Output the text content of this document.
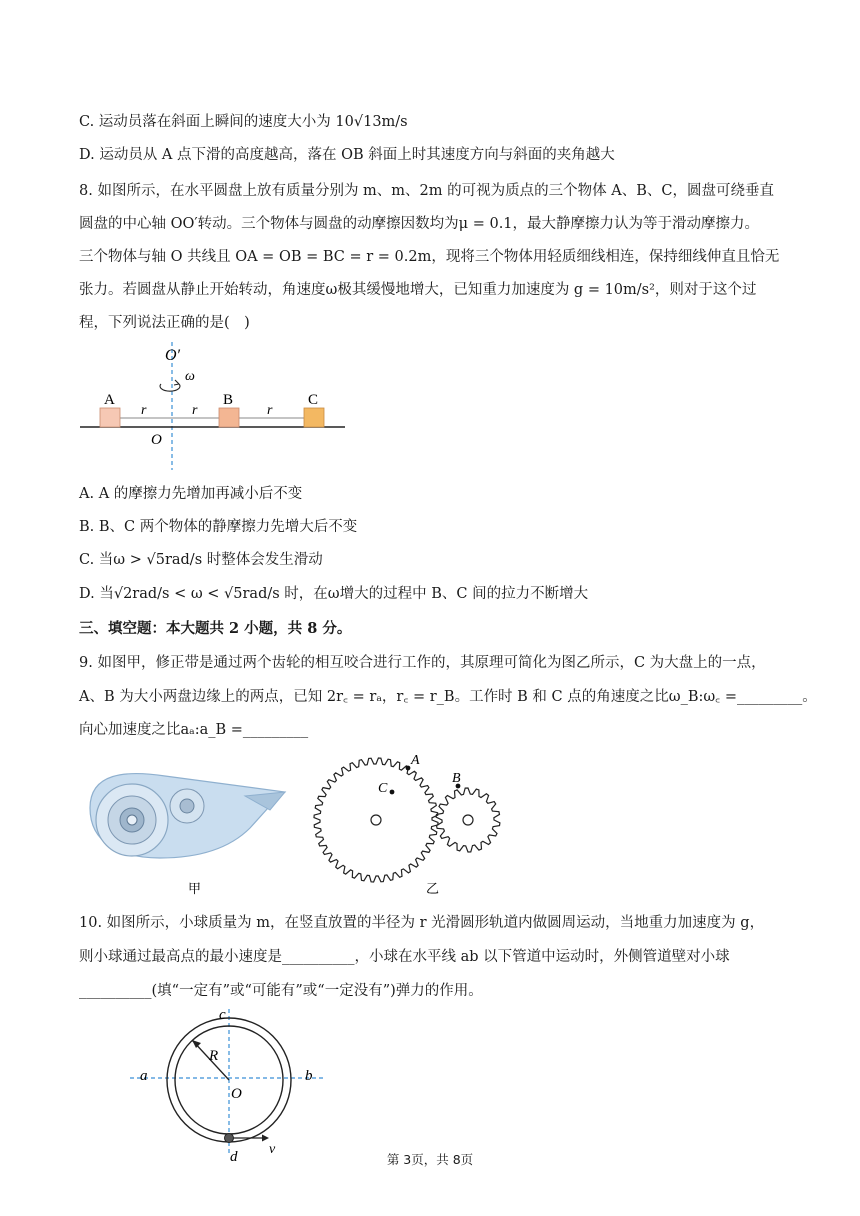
C. 运动员落在斜面上瞬间的速度大小为 10√13m/s
D. 运动员从 A 点下滑的高度越高，落在 OB 斜面上时其速度方向与斜面的夹角越大
8. 如图所示，在水平圆盘上放有质量分别为 m、m、2m 的可视为质点的三个物体 A、B、C，圆盘可绕垂直
圆盘的中心轴 OO′转动。三个物体与圆盘的动摩擦因数均为μ = 0.1，最大静摩擦力认为等于滑动摩擦力。
三个物体与轴 O 共线且 OA = OB = BC = r = 0.2m，现将三个物体用轻质细线相连，保持细线伸直且恰无
张力。若圆盘从静止开始转动，角速度ω极其缓慢地增大，已知重力加速度为 g = 10m/s²，则对于这个过
程，下列说法正确的是(　)
O′
ω
A	B	C
r	r	r
O
A. A 的摩擦力先增加再减小后不变
B. B、C 两个物体的静摩擦力先增大后不变
C. 当ω > √5rad/s 时整体会发生滑动
D. 当√2rad/s < ω < √5rad/s 时，在ω增大的过程中 B、C 间的拉力不断增大
三、填空题：本大题共 2 小题，共 8 分。
9. 如图甲，修正带是通过两个齿轮的相互咬合进行工作的，其原理可简化为图乙所示，C 为大盘上的一点，
A、B 为大小两盘边缘上的两点，已知 2r꜀ = rₐ，r꜀ = r_B。工作时 B 和 C 点的角速度之比ω_B:ω꜀ =_________。
向心加速度之比aₐ:a_B =_________
甲
C
A
B
乙
10. 如图所示，小球质量为 m，在竖直放置的半径为 r 光滑圆形轨道内做圆周运动，当地重力加速度为 g，
则小球通过最高点的最小速度是__________，小球在水平线 ab 以下管道中运动时，外侧管道壁对小球
__________(填“一定有”或“可能有”或“一定没有”)弹力的作用。
a	b
c
d
O
R
v
第 3页，共 8页
